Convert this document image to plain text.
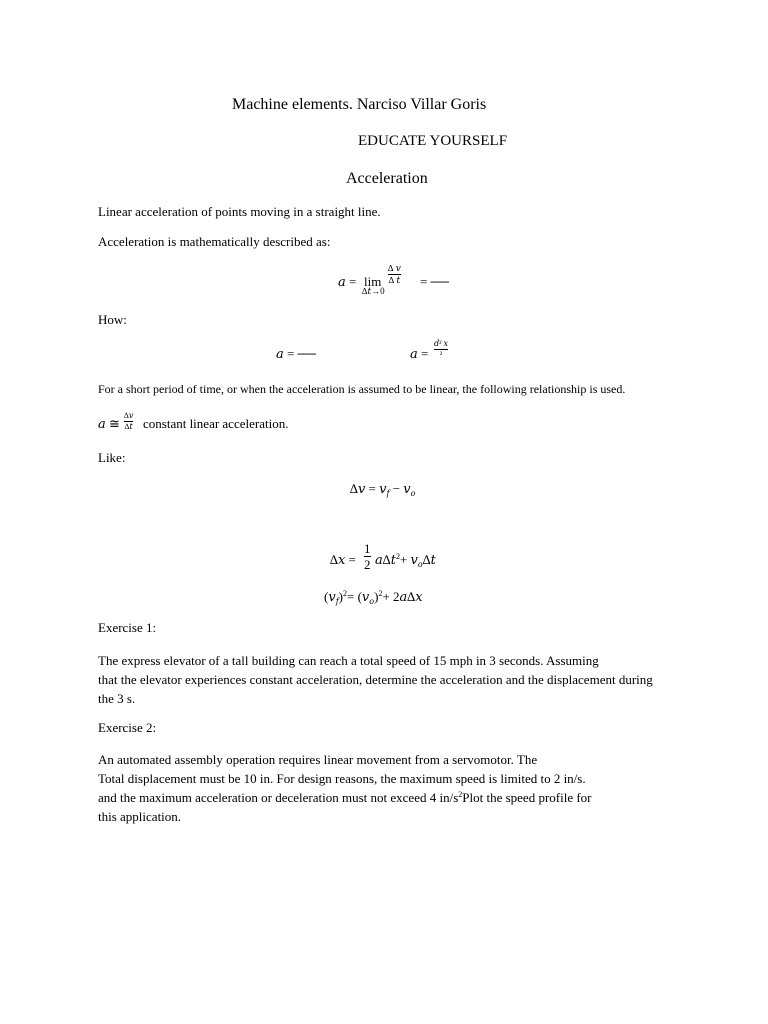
Machine elements. Narciso Villar Goris
EDUCATE YOURSELF
Acceleration
Linear acceleration of points moving in a straight line.
Acceleration is mathematically described as:
𝑎 = lim
∆𝑡→0
∆ 𝑣
∆ 𝑡 = ──
How:
𝑎 = ──	𝑎 =
𝑑² 𝑥
²
For a short period of time, or when the acceleration is assumed to be linear, the following relationship is used.
𝑎 ≅
∆𝑣
∆𝑡 constant linear acceleration.
Like:
∆𝑣 = 𝑣$_𝑓$ − 𝑣$_𝑜$
∆𝑥 =
1
2 𝑎∆𝑡$^2$+ 𝑣$_𝑜$∆𝑡
(𝑣$_𝑓$)$^2$= (𝑣$_𝑜$)$^2$+ 2𝑎∆𝑥
Exercise 1:
The express elevator of a tall building can reach a total speed of 15 mph in 3 seconds. Assuming
that the elevator experiences constant acceleration, determine the acceleration and the displacement during
the 3 s.
Exercise 2:
An automated assembly operation requires linear movement from a servomotor. The
Total displacement must be 10 in. For design reasons, the maximum speed is limited to 2 in/s.
and the maximum acceleration or deceleration must not exceed 4 $in/s^2Plot$ the speed profile for
this application.
